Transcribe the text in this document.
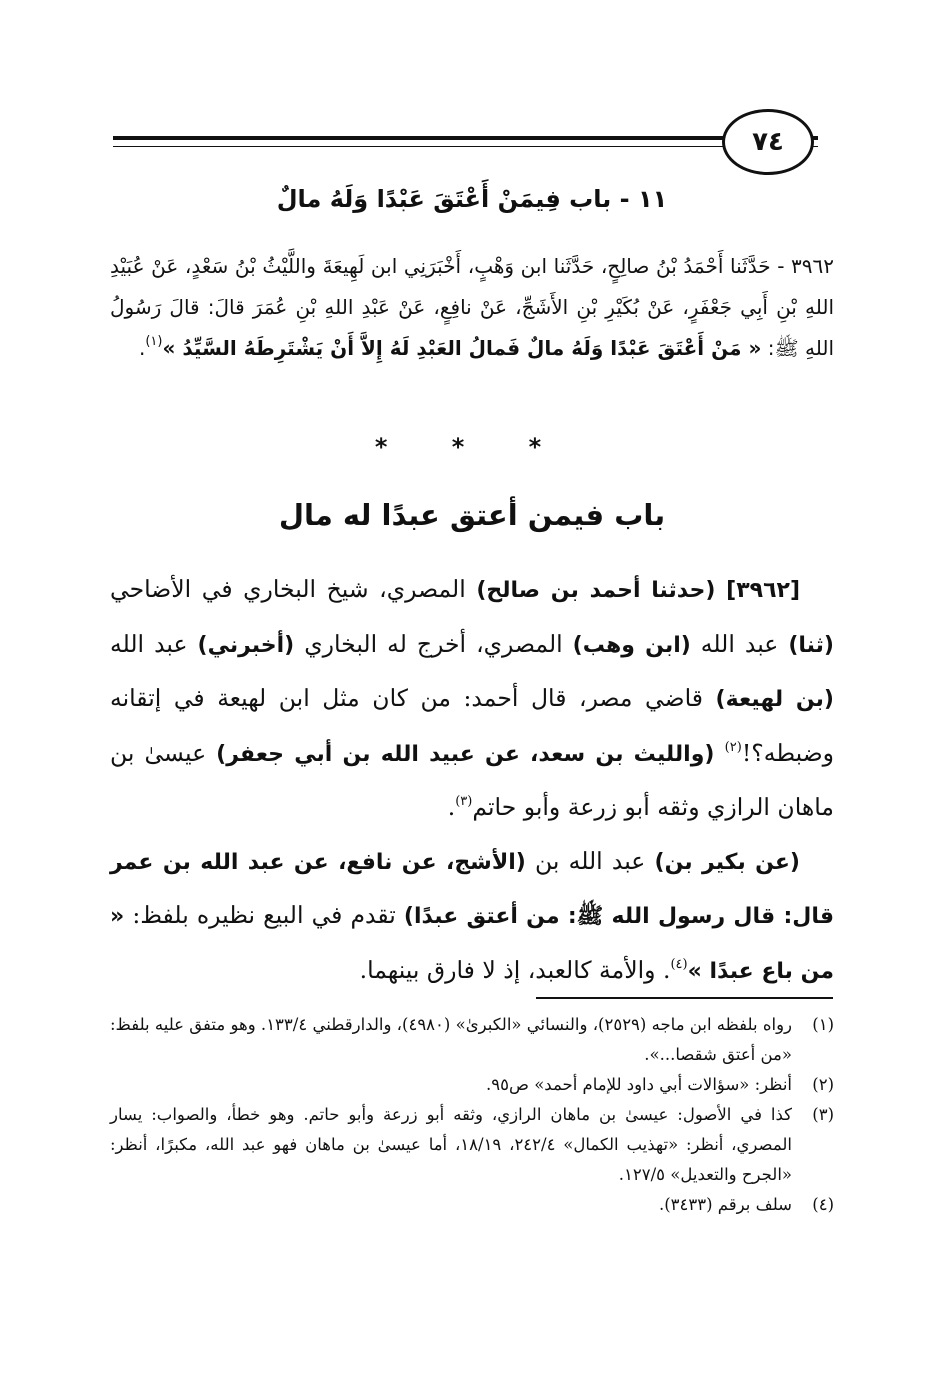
٧٤
١١ - باب فِيمَنْ أَعْتَقَ عَبْدًا وَلَهُ مالٌ
٣٩٦٢ - حَدَّثَنا أَحْمَدُ بْنُ صالِحٍ، حَدَّثَنا ابن وَهْبٍ، أَخْبَرَنِي ابن لَهِيعَةَ واللَّيْثُ بْنُ سَعْدٍ، عَنْ عُبَيْدِ اللهِ بْنِ أَبِي جَعْفَرٍ، عَنْ بُكَيْرِ بْنِ الأَشَجِّ، عَنْ نافِعٍ، عَنْ عَبْدِ اللهِ بْنِ عُمَرَ قالَ: قالَ رَسُولُ اللهِ ﷺ: « مَنْ أَعْتَقَ عَبْدًا وَلَهُ مالٌ فَمالُ العَبْدِ لَهُ إِلاَّ أَنْ يَشْتَرِطَهُ السَّيِّدُ »$^{(١)}$.
* * *
باب فيمن أعتق عبدًا له مال
[٣٩٦٢] (حدثنا أحمد بن صالح) المصري، شيخ البخاري في الأضاحي (ثنا) عبد الله (ابن وهب) المصري، أخرج له البخاري (أخبرني) عبد الله (بن لهيعة) قاضي مصر، قال أحمد: من كان مثل ابن لهيعة في إتقانه وضبطه؟!$^{(٢)}$ (والليث بن سعد، عن عبيد الله بن أبي جعفر) عيسىٰ بن ماهان الرازي وثقه أبو زرعة وأبو حاتم$^{(٣)}$.
(عن بكير بن) عبد الله بن (الأشج، عن نافع، عن عبد الله بن عمر قال: قال رسول الله ﷺ: من أعتق عبدًا) تقدم في البيع نظيره بلفظ: « من باع عبدًا »$^{(٤)}$. والأمة كالعبد، إذ لا فارق بينهما.
(١)
رواه بلفظه ابن ماجه (٢٥٢٩)، والنسائي «الكبرىٰ» (٤٩٨٠)، والدارقطني ١٣٣/٤. وهو متفق عليه بلفظ: «من أعتق شقصا...».
(٢)
أنظر: «سؤالات أبي داود للإمام أحمد» ص٩٥.
(٣)
كذا في الأصول: عيسىٰ بن ماهان الرازي، وثقه أبو زرعة وأبو حاتم. وهو خطأ، والصواب: يسار المصري، أنظر: «تهذيب الكمال» ٢٤٢/٤، ١٨/١٩، أما عيسىٰ بن ماهان فهو عبد الله، مكبرًا، أنظر: «الجرح والتعديل» ١٢٧/٥.
(٤)
سلف برقم (٣٤٣٣).
